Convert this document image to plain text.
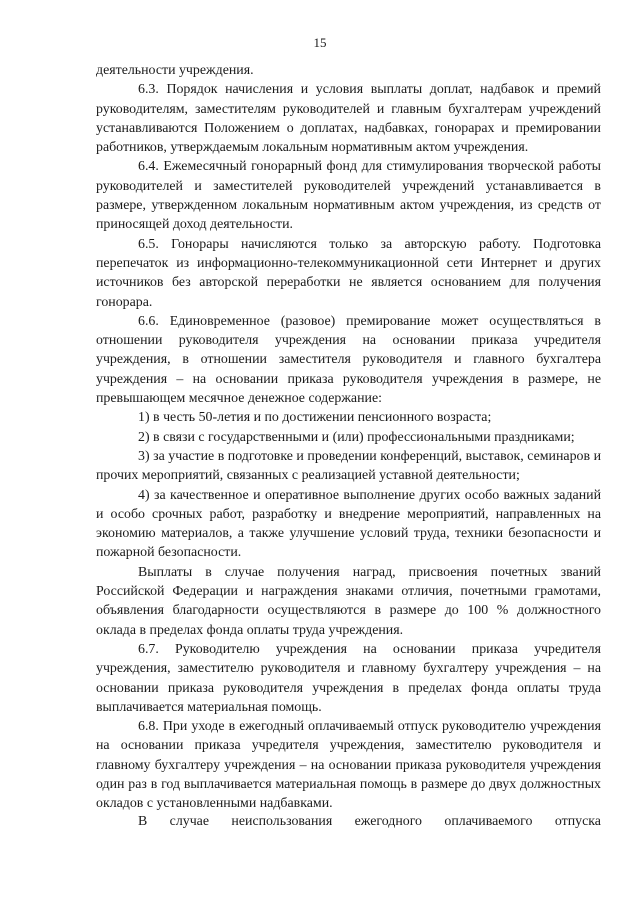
15

деятельности учреждения.

6.3. Порядок начисления и условия выплаты доплат, надбавок и премий руководителям, заместителям руководителей и главным бухгалтерам учреждений устанавливаются Положением о доплатах, надбавках, гонорарах и премировании работников, утверждаемым локальным нормативным актом учреждения.

6.4. Ежемесячный гонорарный фонд для стимулирования творческой работы руководителей и заместителей руководителей учреждений устанавливается в размере, утвержденном локальным нормативным актом учреждения, из средств от приносящей доход деятельности.

6.5. Гонорары начисляются только за авторскую работу. Подготовка перепечаток из информационно-телекоммуникационной сети Интернет и других источников без авторской переработки не является основанием для получения гонорара.

6.6. Единовременное (разовое) премирование может осуществляться в отношении руководителя учреждения на основании приказа учредителя учреждения, в отношении заместителя руководителя и главного бухгалтера учреждения – на основании приказа руководителя учреждения в размере, не превышающем месячное денежное содержание:

1) в честь 50-летия и по достижении пенсионного возраста;

2) в связи с государственными и (или) профессиональными праздниками;

3) за участие в подготовке и проведении конференций, выставок, семинаров и прочих мероприятий, связанных с реализацией уставной деятельности;

4) за качественное и оперативное выполнение других особо важных заданий и особо срочных работ, разработку и внедрение мероприятий, направленных на экономию материалов, а также улучшение условий труда, техники безопасности и пожарной безопасности.

Выплаты в случае получения наград, присвоения почетных званий Российской Федерации и награждения знаками отличия, почетными грамотами, объявления благодарности осуществляются в размере до 100 % должностного оклада в пределах фонда оплаты труда учреждения.

6.7. Руководителю учреждения на основании приказа учредителя учреждения, заместителю руководителя и главному бухгалтеру учреждения – на основании приказа руководителя учреждения в пределах фонда оплаты труда выплачивается материальная помощь.

6.8. При уходе в ежегодный оплачиваемый отпуск руководителю учреждения на основании приказа учредителя учреждения, заместителю руководителя и главному бухгалтеру учреждения – на основании приказа руководителя учреждения один раз в год выплачивается материальная помощь в размере до двух должностных окладов с установленными надбавками.

В случае неиспользования ежегодного оплачиваемого отпуска
